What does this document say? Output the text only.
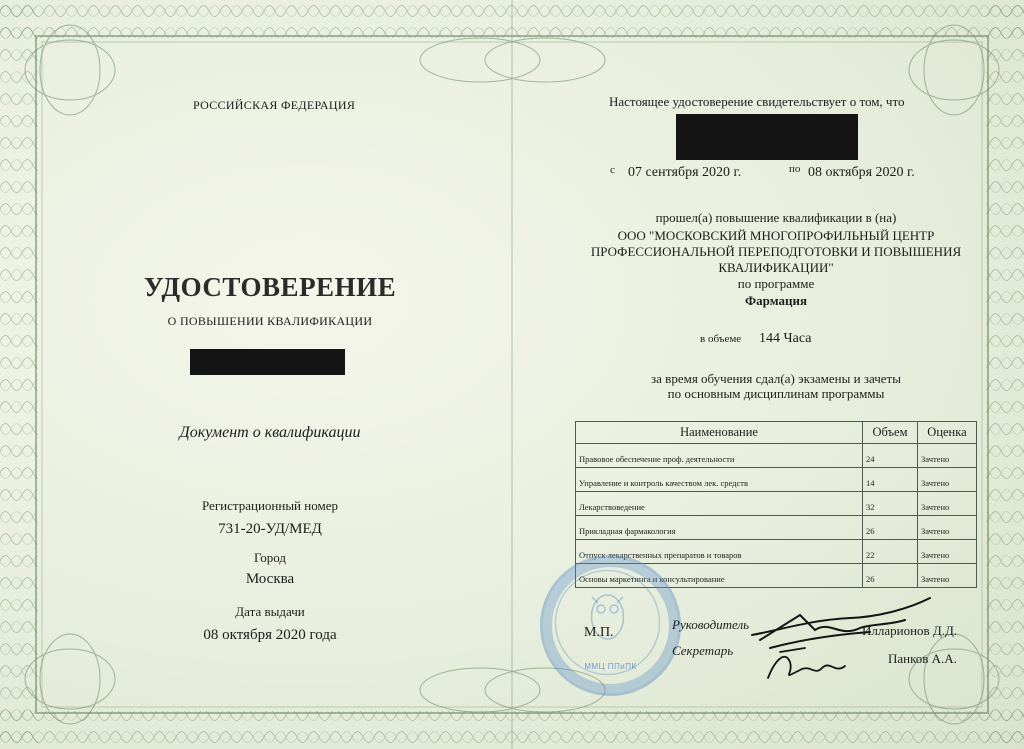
РОССИЙСКАЯ ФЕДЕРАЦИЯ
УДОСТОВЕРЕНИЕ
О ПОВЫШЕНИИ КВАЛИФИКАЦИИ
Документ о квалификации
Регистрационный номер
731-20-УД/МЕД
Город
Москва
Дата выдачи
08 октября 2020 года
Настоящее удостоверение свидетельствует о том, что
с 07 сентября 2020 г.	по 08 октября 2020 г.
прошел(а) повышение квалификации в (на)
ООО "МОСКОВСКИЙ МНОГОПРОФИЛЬНЫЙ ЦЕНТР
ПРОФЕССИОНАЛЬНОЙ ПЕРЕПОДГОТОВКИ И ПОВЫШЕНИЯ
КВАЛИФИКАЦИИ"
по программе
Фармация
в объеме 144 Часа
за время обучения сдал(а) экзамены и зачеты
по основным дисциплинам программы
Наименование	Объем	Оценка
Правовое обеспечение проф. деятельности	24	Зачтено
Управление и контроль качеством лек. средств	14	Зачтено
Лекарствоведение	32	Зачтено
Прикладная фармакология	26	Зачтено
Отпуск лекарственных препаратов и товаров	22	Зачтено
Основы маркетинга и консультирование	26	Зачтено
ММЦ ППиПК
М.П.
Руководитель
Секретарь
Илларионов Д.Д.
Панков А.А.
